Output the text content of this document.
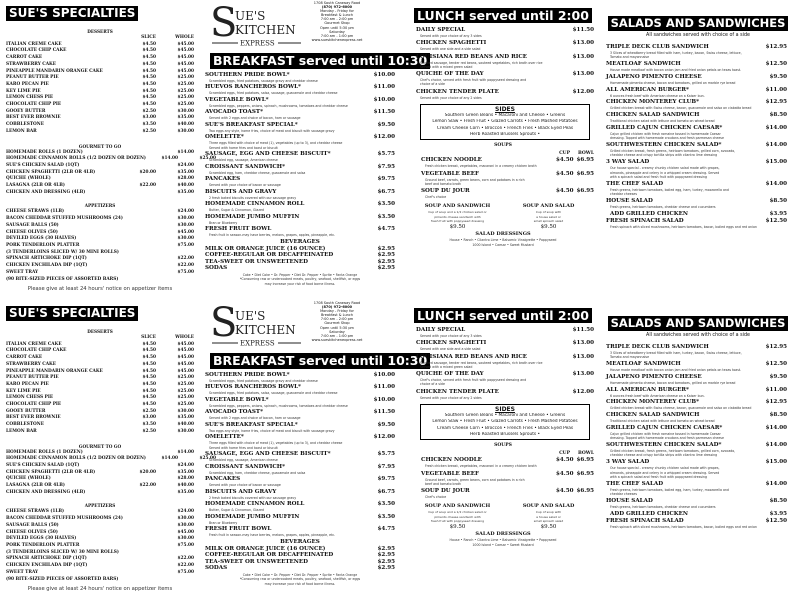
SUE'S SPECIALTIES
DESSERTS
SLICE	WHOLE
ITALIAN CREME CAKE	$4.50	$45.00
CHOCOLATE CHIP CAKE	$4.50	$45.00
CARROT CAKE	$4.50	$45.00
STRAWBERRY CAKE	$4.50	$45.00
PINEAPPLE MANDARIN ORANGE CAKE	$4.50	$45.00
PEANUT BUTTER PIE	$4.50	$25.00
KARO PECAN PIE	$4.50	$25.00
KEY LIME PIE	$4.50	$25.00
LEMON CHESS PIE	$4.50	$25.00
CHOCOLATE CHIP PIE	$4.50	$25.00
GOOEY BUTTER	$2.50	$30.00
BEST EVER BROWNIE	$3.00	$35.00
COBBLESTONE	$3.50	$40.00
LEMON BAR	$2.50	$30.00
GOURMET TO GO
HOMEMADE ROLLS (1 DOZEN)	$14.00
HOMEMADE CINNAMON ROLLS (1/2 DOZEN OR DOZEN)	$14.00	$25.00
SUE'S CHICKEN SALAD (1QT)	$24.00
CHICKEN SPAGHETTI (2LB OR 4LB)	$20.00	$35.00
QUICHE (WHOLE)	$28.00
LASAGNA (2LB OR 4LB)	$22.00	$40.00
CHICKEN AND DRESSING (4LB)	$35.00
APPETIZERS
CHEESE STRAWS (1LB)	$24.00
BACON CHEDDAR STUFFED MUSHROOMS (24)	$30.00
SAUSAGE BALLS (50)	$30.00
CHEESE OLIVES (50)	$45.00
DEVILED EGGS (30 HALVES)	$30.00
PORK TENDERLOIN PLATTER	$75.00
(3 TENDERLOINS SLICED W/ 30 MINI ROLLS)
SPINACH ARTICHOKE DIP (1QT)	$22.00
CHICKEN ENCHILADA DIP (1QT)	$22.00
SWEET TRAY	$75.00
(90 BITE-SIZED PIECES OF ASSORTED BARS)
Please give at least 24 hours' notice on appetizer items
S
UE'S
KITCHEN
EXPRESS
1708 South Caraway Road
(870) 972-6000
Monday - Friday for
Breakfast & Lunch
7:00 am - 2:00 pm
Gourmet Shop
Open until 5:30 pm
Saturday
7:00 am - 1:00 pm
www.sueskitchenexpress.net
BREAKFAST served until 10:30
SOUTHERN PRIDE BOWL*	$10.00
Scrambled eggs, fried potatoes, sausage gravy and cheddar cheese
HUEVOS RANCHEROS BOWL*	$11.00
Scrambled eggs, fried potatoes, salsa, sausage, guacamole and cheddar cheese
VEGETABLE BOWL*	$10.00
Scrambled eggs, peppers, onions, spinach, mushrooms, tomatoes and cheddar cheese
AVOCADO TOAST*	$11.50
Served with 2 eggs and choice of bacon, ham or sausage
SUE'S BREAKFAST SPECIAL*	$9.50
Two eggs any style, home fries, choice of meat and biscuit with sausage gravy
OMELETTE*	$12.00
Three eggs filled with choice of meat (1), vegetables (up to 3), and cheddar cheese
Served with home fries and toast or biscuit
SAUSAGE, EGG AND CHEESE BISCUIT*	$5.75
Scrambled egg, sausage, American cheese
CROISSANT SANDWICH*	$7.95
Scrambled egg, ham, cheddar cheese, guacamole and salsa
PANCAKES	$9.75
Served with your choice of bacon or sausage
BISCUITS AND GRAVY	$6.75
2 fresh baked biscuits covered with our sausage gravy
HOMEMADE CINNAMON ROLL	$3.50
Butter, Sugar & Cinnamon, Glazed
HOMEMADE JUMBO MUFFIN	$3.50
Bran or Blueberry
FRESH FRUIT BOWL	$4.75
Fresh fruit in season-may have berries, melons, grapes, apples, pineapple, etc.
BEVERAGES
MILK OR ORANGE JUICE (16 OUNCE)	$2.95
COFFEE-REGULAR OR DECAFFEINATED	$2.95
TEA-SWEET OR UNSWEETENED	$2.95
SODAS	$2.95
Coke • Diet Coke • Dr. Pepper • Diet Dr. Pepper • Sprite • Fanta Orange
*Consuming raw or undercooked meats, poultry, seafood, shellfish, or eggs
may increase your risk of food borne illness.
LUNCH served until 2:00
DAILY SPECIAL	$11.50
Served with your choice of any 3 sides
CHICKEN SPAGHETTI	$13.00
Served with one side and a side salad
LOUISIANA RED BEANS AND RICE	$13.00
Smoked sausage, tender red beans, sauteed vegetables, rich broth over rice
Served with a mixed green salad
QUICHE OF THE DAY	$13.00
Chef's choice, served with fresh fruit with poppyseed dressing and
choice of a side
CHICKEN TENDER PLATE	$12.00
Served with your choice of any 2 sides
SIDES
Southern Green Beans • Macaroni and Cheese • Greens
Lemon Slaw • Fresh Fruit • Glazed Carrots • Fresh Mashed Potatoes
Cream Cheese Corn • Broccoli • French Fries • Black Eyed Peas
Herb Roasted Brussels Sprouts •
SOUPS
CUP BOWL
CHICKEN NOODLE	$4.50 $6.95
Fresh chicken breast, vegetables, macaroni in a creamy chicken broth
VEGETABLE BEEF	$4.50 $6.95
Ground beef, carrots, green beans, corn and potatoes in a rich
beef and tomato broth
SOUP DU JOUR	$4.50 $6.95
Chef's choice
SOUP AND SANDWICH
Cup of soup and a 1/2 chicken salad or
pimento cheese sandwich with
fresh fruit with poppyseed dressing
$9.50
SOUP AND SALAD
Cup of soup with
a house salad or
small spinach salad
$9.50
SALAD DRESSINGS
House • Ranch • Cilantro Lime • Balsamic Vinaigrette • Poppyseed
1000 Island • Caesar • Sweet Mustard
SALADS AND SANDWICHES
All sandwiches served with choice of a side
TRIPLE DECK CLUB SANDWICH	$12.95
3 Slices of wheatberry bread filled with ham, turkey, bacon, Swiss cheese, lettuce,
Tomato and mayonnaise
MEATLOAF SANDWICH	$12.50
House made meatloaf with bacon onion jam and fried onion petals on texas toast.
JALAPENO PIMENTO CHEESE	$9.50
Homemade pimento cheese, bacon and tomatoes, grilled on marble rye bread
ALL AMERICAN BURGER*	$11.00
6 ounces fresh beef with American cheese on a Kaiser bun.
CHICKEN MONTEREY CLUB*	$12.95
Grilled chicken breast with Swiss cheese, bacon, guacamole and salsa on ciabatta bread
CHICKEN SALAD SANDWICH	$8.50
Traditional chicken salad with lettuce and tomato on wheat bread
GRILLED CAJUN CHICKEN CAESAR*	$14.00
Cajun grilled chicken with fresh romaine tossed in homemade Caesar
dressing. Topped with homemade croutons and fresh parmesan cheese
SOUTHWESTERN CHICKEN SALAD*	$14.00
Grilled chicken breast, fresh greens, heirloom tomatoes, grilled corn, avocado,
cheddar cheese and crispy tortilla strips with cilantro lime dressing
3 WAY SALAD	$15.00
Our house special - creamy chunky chicken salad made with grapes,
almonds, pineapple and celery in a whipped cream dressing. Served
with a spinach salad and fresh fruit with poppyseed dressing
THE CHEF SALAD	$14.00
Fresh greens, heirloom tomatoes, boiled egg, ham, turkey, mozzarella and
cheddar cheeses
HOUSE SALAD	$8.50
Fresh greens, heirloom tomatoes, cheddar cheese and cucumbers
ADD GRILLED CHICKEN	$3.95
FRESH SPINACH SALAD	$12.50
Fresh spinach with sliced mushrooms, heirloom tomatoes, bacon, boiled eggs and red onion
SUE'S SPECIALTIES
DESSERTS
SLICE	WHOLE
ITALIAN CREME CAKE	$4.50	$45.00
CHOCOLATE CHIP CAKE	$4.50	$45.00
CARROT CAKE	$4.50	$45.00
STRAWBERRY CAKE	$4.50	$45.00
PINEAPPLE MANDARIN ORANGE CAKE	$4.50	$45.00
PEANUT BUTTER PIE	$4.50	$25.00
KARO PECAN PIE	$4.50	$25.00
KEY LIME PIE	$4.50	$25.00
LEMON CHESS PIE	$4.50	$25.00
CHOCOLATE CHIP PIE	$4.50	$25.00
GOOEY BUTTER	$2.50	$30.00
BEST EVER BROWNIE	$3.00	$35.00
COBBLESTONE	$3.50	$40.00
LEMON BAR	$2.50	$30.00
GOURMET TO GO
HOMEMADE ROLLS (1 DOZEN)	$14.00
HOMEMADE CINNAMON ROLLS (1/2 DOZEN OR DOZEN)	$14.00	$25.00
SUE'S CHICKEN SALAD (1QT)	$24.00
CHICKEN SPAGHETTI (2LB OR 4LB)	$20.00	$35.00
QUICHE (WHOLE)	$28.00
LASAGNA (2LB OR 4LB)	$22.00	$40.00
CHICKEN AND DRESSING (4LB)	$35.00
APPETIZERS
CHEESE STRAWS (1LB)	$24.00
BACON CHEDDAR STUFFED MUSHROOMS (24)	$30.00
SAUSAGE BALLS (50)	$30.00
CHEESE OLIVES (50)	$45.00
DEVILED EGGS (30 HALVES)	$30.00
PORK TENDERLOIN PLATTER	$75.00
(3 TENDERLOINS SLICED W/ 30 MINI ROLLS)
SPINACH ARTICHOKE DIP (1QT)	$22.00
CHICKEN ENCHILADA DIP (1QT)	$22.00
SWEET TRAY	$75.00
(90 BITE-SIZED PIECES OF ASSORTED BARS)
Please give at least 24 hours' notice on appetizer items
S
UE'S
KITCHEN
EXPRESS
1708 South Caraway Road
(870) 972-6000
Monday - Friday for
Breakfast & Lunch
7:00 am - 2:00 pm
Gourmet Shop
Open until 5:30 pm
Saturday
7:00 am - 1:00 pm
www.sueskitchenexpress.net
BREAKFAST served until 10:30
SOUTHERN PRIDE BOWL*	$10.00
Scrambled eggs, fried potatoes, sausage gravy and cheddar cheese
HUEVOS RANCHEROS BOWL*	$11.00
Scrambled eggs, fried potatoes, salsa, sausage, guacamole and cheddar cheese
VEGETABLE BOWL*	$10.00
Scrambled eggs, peppers, onions, spinach, mushrooms, tomatoes and cheddar cheese
AVOCADO TOAST*	$11.50
Served with 2 eggs and choice of bacon, ham or sausage
SUE'S BREAKFAST SPECIAL*	$9.50
Two eggs any style, home fries, choice of meat and biscuit with sausage gravy
OMELETTE*	$12.00
Three eggs filled with choice of meat (1), vegetables (up to 3), and cheddar cheese
Served with home fries and toast or biscuit
SAUSAGE, EGG AND CHEESE BISCUIT*	$5.75
Scrambled egg, sausage, American cheese
CROISSANT SANDWICH*	$7.95
Scrambled egg, ham, cheddar cheese, guacamole and salsa
PANCAKES	$9.75
Served with your choice of bacon or sausage
BISCUITS AND GRAVY	$6.75
2 fresh baked biscuits covered with our sausage gravy
HOMEMADE CINNAMON ROLL	$3.50
Butter, Sugar & Cinnamon, Glazed
HOMEMADE JUMBO MUFFIN	$3.50
Bran or Blueberry
FRESH FRUIT BOWL	$4.75
Fresh fruit in season-may have berries, melons, grapes, apples, pineapple, etc.
BEVERAGES
MILK OR ORANGE JUICE (16 OUNCE)	$2.95
COFFEE-REGULAR OR DECAFFEINATED	$2.95
TEA-SWEET OR UNSWEETENED	$2.95
SODAS	$2.95
Coke • Diet Coke • Dr. Pepper • Diet Dr. Pepper • Sprite • Fanta Orange
*Consuming raw or undercooked meats, poultry, seafood, shellfish, or eggs
may increase your risk of food borne illness.
LUNCH served until 2:00
DAILY SPECIAL	$11.50
Served with your choice of any 3 sides
CHICKEN SPAGHETTI	$13.00
Served with one side and a side salad
LOUISIANA RED BEANS AND RICE	$13.00
Smoked sausage, tender red beans, sauteed vegetables, rich broth over rice
Served with a mixed green salad
QUICHE OF THE DAY	$13.00
Chef's choice, served with fresh fruit with poppyseed dressing and
choice of a side
CHICKEN TENDER PLATE	$12.00
Served with your choice of any 2 sides
SIDES
Southern Green Beans • Macaroni and Cheese • Greens
Lemon Slaw • Fresh Fruit • Glazed Carrots • Fresh Mashed Potatoes
Cream Cheese Corn • Broccoli • French Fries • Black Eyed Peas
Herb Roasted Brussels Sprouts •
SOUPS
CUP BOWL
CHICKEN NOODLE	$4.50 $6.95
Fresh chicken breast, vegetables, macaroni in a creamy chicken broth
VEGETABLE BEEF	$4.50 $6.95
Ground beef, carrots, green beans, corn and potatoes in a rich
beef and tomato broth
SOUP DU JOUR	$4.50 $6.95
Chef's choice
SOUP AND SANDWICH
Cup of soup and a 1/2 chicken salad or
pimento cheese sandwich with
fresh fruit with poppyseed dressing
$9.50
SOUP AND SALAD
Cup of soup with
a house salad or
small spinach salad
$9.50
SALAD DRESSINGS
House • Ranch • Cilantro Lime • Balsamic Vinaigrette • Poppyseed
1000 Island • Caesar • Sweet Mustard
SALADS AND SANDWICHES
All sandwiches served with choice of a side
TRIPLE DECK CLUB SANDWICH	$12.95
3 Slices of wheatberry bread filled with ham, turkey, bacon, Swiss cheese, lettuce,
Tomato and mayonnaise
MEATLOAF SANDWICH	$12.50
House made meatloaf with bacon onion jam and fried onion petals on texas toast.
JALAPENO PIMENTO CHEESE	$9.50
Homemade pimento cheese, bacon and tomatoes, grilled on marble rye bread
ALL AMERICAN BURGER*	$11.00
6 ounces fresh beef with American cheese on a Kaiser bun.
CHICKEN MONTEREY CLUB*	$12.95
Grilled chicken breast with Swiss cheese, bacon, guacamole and salsa on ciabatta bread
CHICKEN SALAD SANDWICH	$8.50
Traditional chicken salad with lettuce and tomato on wheat bread
GRILLED CAJUN CHICKEN CAESAR*	$14.00
Cajun grilled chicken with fresh romaine tossed in homemade Caesar
dressing. Topped with homemade croutons and fresh parmesan cheese
SOUTHWESTERN CHICKEN SALAD*	$14.00
Grilled chicken breast, fresh greens, heirloom tomatoes, grilled corn, avocado,
cheddar cheese and crispy tortilla strips with cilantro lime dressing
3 WAY SALAD	$15.00
Our house special - creamy chunky chicken salad made with grapes,
almonds, pineapple and celery in a whipped cream dressing. Served
with a spinach salad and fresh fruit with poppyseed dressing
THE CHEF SALAD	$14.00
Fresh greens, heirloom tomatoes, boiled egg, ham, turkey, mozzarella and
cheddar cheeses
HOUSE SALAD	$8.50
Fresh greens, heirloom tomatoes, cheddar cheese and cucumbers
ADD GRILLED CHICKEN	$3.95
FRESH SPINACH SALAD	$12.50
Fresh spinach with sliced mushrooms, heirloom tomatoes, bacon, boiled eggs and red onion
